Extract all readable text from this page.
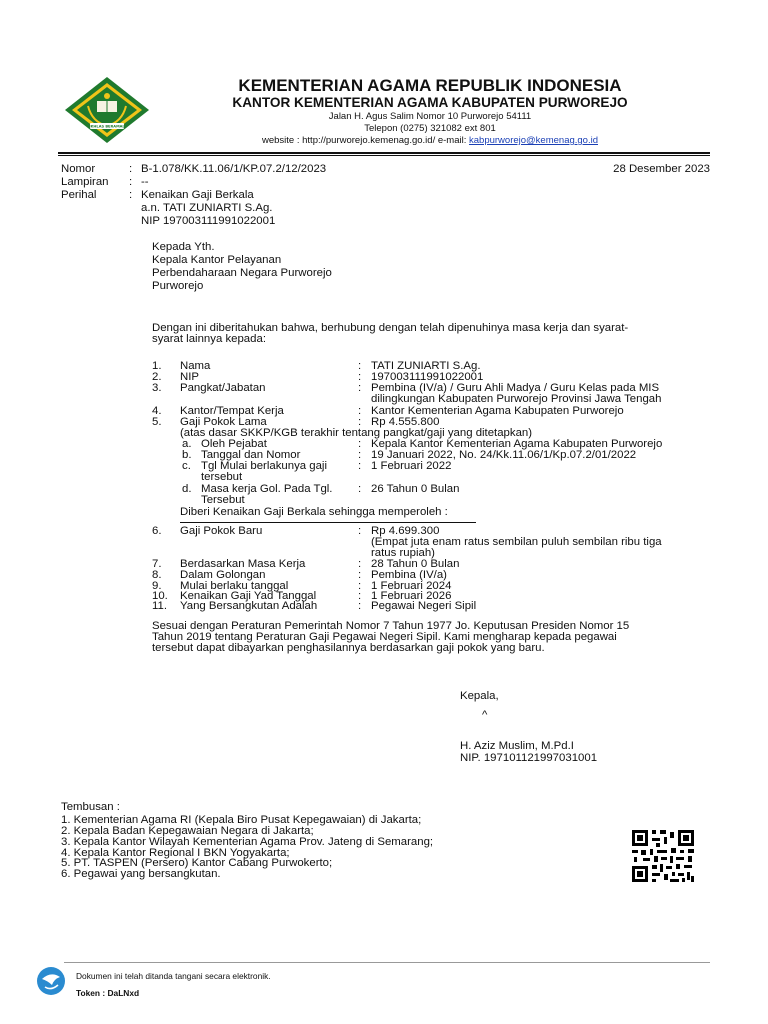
IKHLAS BERAMAL
KEMENTERIAN AGAMA REPUBLIK INDONESIA
KANTOR KEMENTERIAN AGAMA KABUPATEN PURWOREJO
Jalan H. Agus Salim Nomor 10 Purworejo 54111
Telepon (0275) 321082 ext 801
website : http://purworejo.kemenag.go.id/ e-mail: kabpurworejo@kemenag.go.id
Nomor	: B-1.078/KK.11.06/1/KP.07.2/12/2023	28 Desember 2023
Lampiran : --
Perihal	: Kenaikan Gaji Berkala
a.n. TATI ZUNIARTI S.Ag.
NIP 197003111991022001
Kepada Yth.
Kepala Kantor Pelayanan
Perbendaharaan Negara Purworejo
Purworejo
Dengan ini diberitahukan bahwa, berhubung dengan telah dipenuhinya masa kerja dan syarat-
syarat lainnya kepada:
1. Nama	: TATI ZUNIARTI S.Ag.
2. NIP	: 197003111991022001
3. Pangkat/Jabatan	: Pembina (IV/a) / Guru Ahli Madya / Guru Kelas pada MIS
dilingkungan Kabupaten Purworejo Provinsi Jawa Tengah
4. Kantor/Tempat Kerja	: Kantor Kementerian Agama Kabupaten Purworejo
5. Gaji Pokok Lama	: Rp 4.555.800
(atas dasar SKKP/KGB terakhir tentang pangkat/gaji yang ditetapkan)
a. Oleh Pejabat	: Kepala Kantor Kementerian Agama Kabupaten Purworejo
b. Tanggal dan Nomor	: 19 Januari 2022, No. 24/Kk.11.06/1/Kp.07.2/01/2022
c. Tgl Mulai berlakunya gaji
tersebut
: 1 Februari 2022
d. Masa kerja Gol. Pada Tgl.
Tersebut
: 26 Tahun 0 Bulan
Diberi Kenaikan Gaji Berkala sehingga memperoleh :
6. Gaji Pokok Baru	: Rp 4.699.300
(Empat juta enam ratus sembilan puluh sembilan ribu tiga
ratus rupiah)
7. Berdasarkan Masa Kerja	: 28 Tahun 0 Bulan
8. Dalam Golongan	: Pembina (IV/a)
9. Mulai berlaku tanggal	: 1 Februari 2024
10. Kenaikan Gaji Yad Tanggal	: 1 Februari 2026
11. Yang Bersangkutan Adalah	: Pegawai Negeri Sipil
Sesuai dengan Peraturan Pemerintah Nomor 7 Tahun 1977 Jo. Keputusan Presiden Nomor 15
Tahun 2019 tentang Peraturan Gaji Pegawai Negeri Sipil. Kami mengharap kepada pegawai
tersebut dapat dibayarkan penghasilannya berdasarkan gaji pokok yang baru.
Kepala,
^
H. Aziz Muslim, M.Pd.I
NIP. 197101121997031001
Tembusan :
1. Kementerian Agama RI (Kepala Biro Pusat Kepegawaian) di Jakarta;
2. Kepala Badan Kepegawaian Negara di Jakarta;
3. Kepala Kantor Wilayah Kementerian Agama Prov. Jateng di Semarang;
4. Kepala Kantor Regional I BKN Yogyakarta;
5. PT. TASPEN (Persero) Kantor Cabang Purwokerto;
6. Pegawai yang bersangkutan.
Dokumen ini telah ditanda tangani secara elektronik.
Token : DaLNxd
